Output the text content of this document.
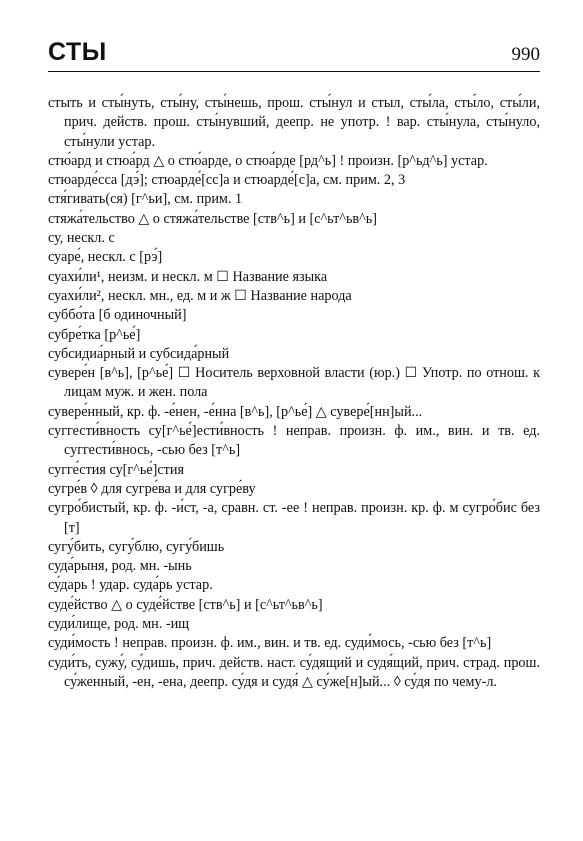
СТЫ	990

стыть и сты́нуть, сты́ну, сты́нешь, прош. сты́нул и стыл, сты́ла, сты́ло, сты́ли, прич. действ. прош. сты́нувший, деепр. не употр. ! вар. сты́нула, сты́нуло, сты́нули устар.

стю́ард и стюа́рд △ о стю́арде, о стюа́рде [рд^ь] ! произн. [р^ьд^ь] устар.

стюарде́сса [дэ́]; стюарде́[сс]а и стюарде́[с]а, см. прим. 2, 3

стя́гивать(ся) [г^ьи], см. прим. 1

стяжа́тельство △ о стяжа́тельстве [ств^ь] и [с^ьт^ьв^ь]

су, нескл. с

суаре́, нескл. с [рэ́]

суахи́ли¹, неизм. и нескл. м ☐ Название языка

суахи́ли², нескл. мн., ед. м и ж ☐ Название народа

суббо́та [б одиночный]

субре́тка [р^ье́]

субсидиа́рный и субсида́рный

сувере́н [в^ь], [р^ье́] ☐ Носитель верховной власти (юр.) ☐ Употр. по отнош. к лицам муж. и жен. пола

сувере́нный, кр. ф. -е́нен, -е́нна [в^ь], [р^ье́] △ сувере́[нн]ый...

суггести́вность су[г^ье́]ести́вность ! неправ. произн. ф. им., вин. и тв. ед. суггести́внось, -сью без [т^ь]

сугге́стия су[г^ье́]стия

сугре́в ◊ для сугре́ва и для сугре́ву

сугро́бистый, кр. ф. -и́ст, -а, сравн. ст. -ее ! неправ. произн. кр. ф. м сугро́бис без [т]

сугу́бить, сугу́блю, сугу́бишь

суда́рыня, род. мн. -ынь

су́дарь ! удар. суда́рь устар.

суде́йство △ о суде́йстве [ств^ь] и [с^ьт^ьв^ь]

суди́лище, род. мн. -ищ

суди́мость ! неправ. произн. ф. им., вин. и тв. ед. суди́мось, -сью без [т^ь]

суди́ть, сужу́, су́дишь, прич. действ. наст. су́дящий и судя́щий, прич. страд. прош. су́женный, -ен, -ена, деепр. су́дя и судя́ △ су́же[н]ый... ◊ су́дя по чему-л.
